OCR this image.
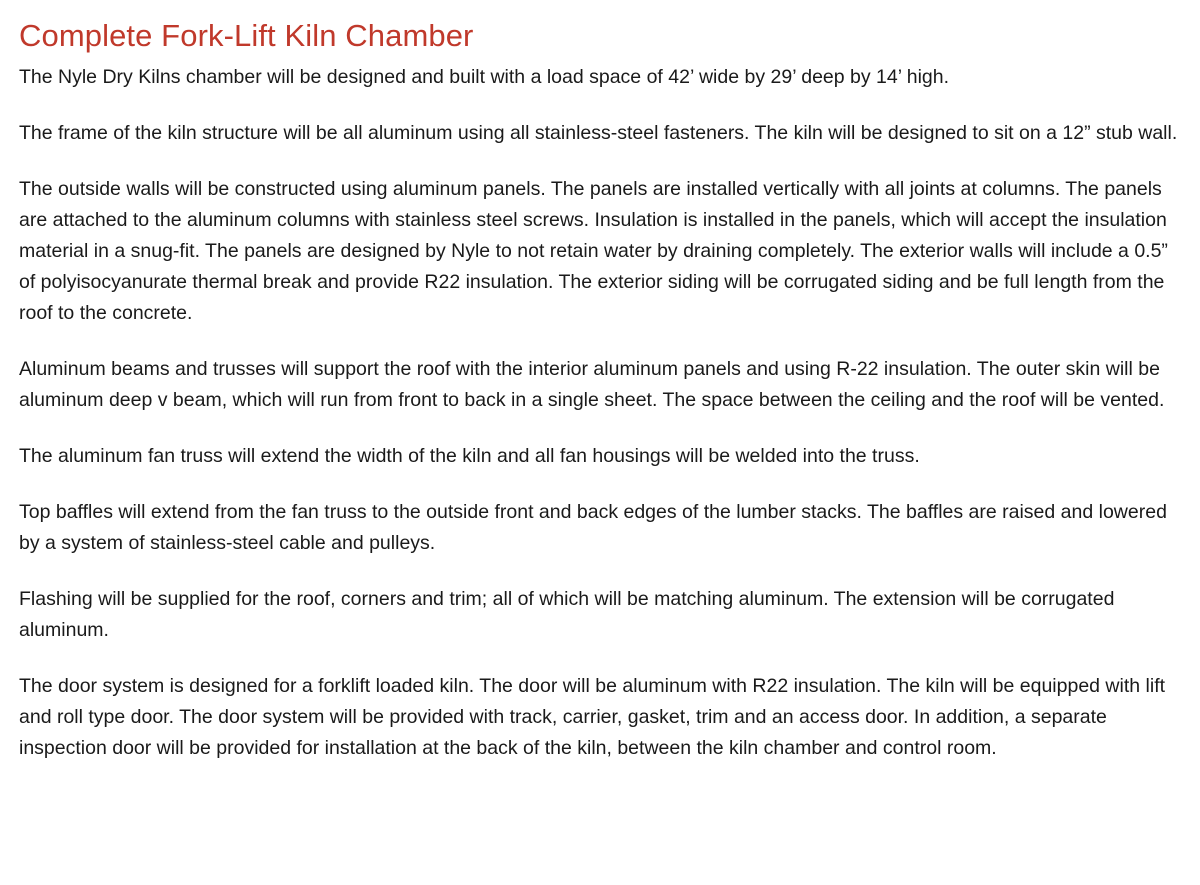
Complete Fork-Lift Kiln Chamber

The Nyle Dry Kilns chamber will be designed and built with a load space of 42’ wide by 29’ deep by 14’ high.

The frame of the kiln structure will be all aluminum using all stainless-steel fasteners. The kiln will be designed to sit on a 12” stub wall.

The outside walls will be constructed using aluminum panels. The panels are installed vertically with all joints at columns. The panels are attached to the aluminum columns with stainless steel screws. Insulation is installed in the panels, which will accept the insulation material in a snug-fit. The panels are designed by Nyle to not retain water by draining completely. The exterior walls will include a 0.5” of polyisocyanurate thermal break and provide R22 insulation. The exterior siding will be corrugated siding and be full length from the roof to the concrete.

Aluminum beams and trusses will support the roof with the interior aluminum panels and using R-22 insulation. The outer skin will be aluminum deep v beam, which will run from front to back in a single sheet. The space between the ceiling and the roof will be vented.

The aluminum fan truss will extend the width of the kiln and all fan housings will be welded into the truss.

Top baffles will extend from the fan truss to the outside front and back edges of the lumber stacks. The baffles are raised and lowered by a system of stainless-steel cable and pulleys.

Flashing will be supplied for the roof, corners and trim; all of which will be matching aluminum. The extension will be corrugated aluminum.

The door system is designed for a forklift loaded kiln. The door will be aluminum with R22 insulation. The kiln will be equipped with lift and roll type door. The door system will be provided with track, carrier, gasket, trim and an access door. In addition, a separate inspection door will be provided for installation at the back of the kiln, between the kiln chamber and control room.
